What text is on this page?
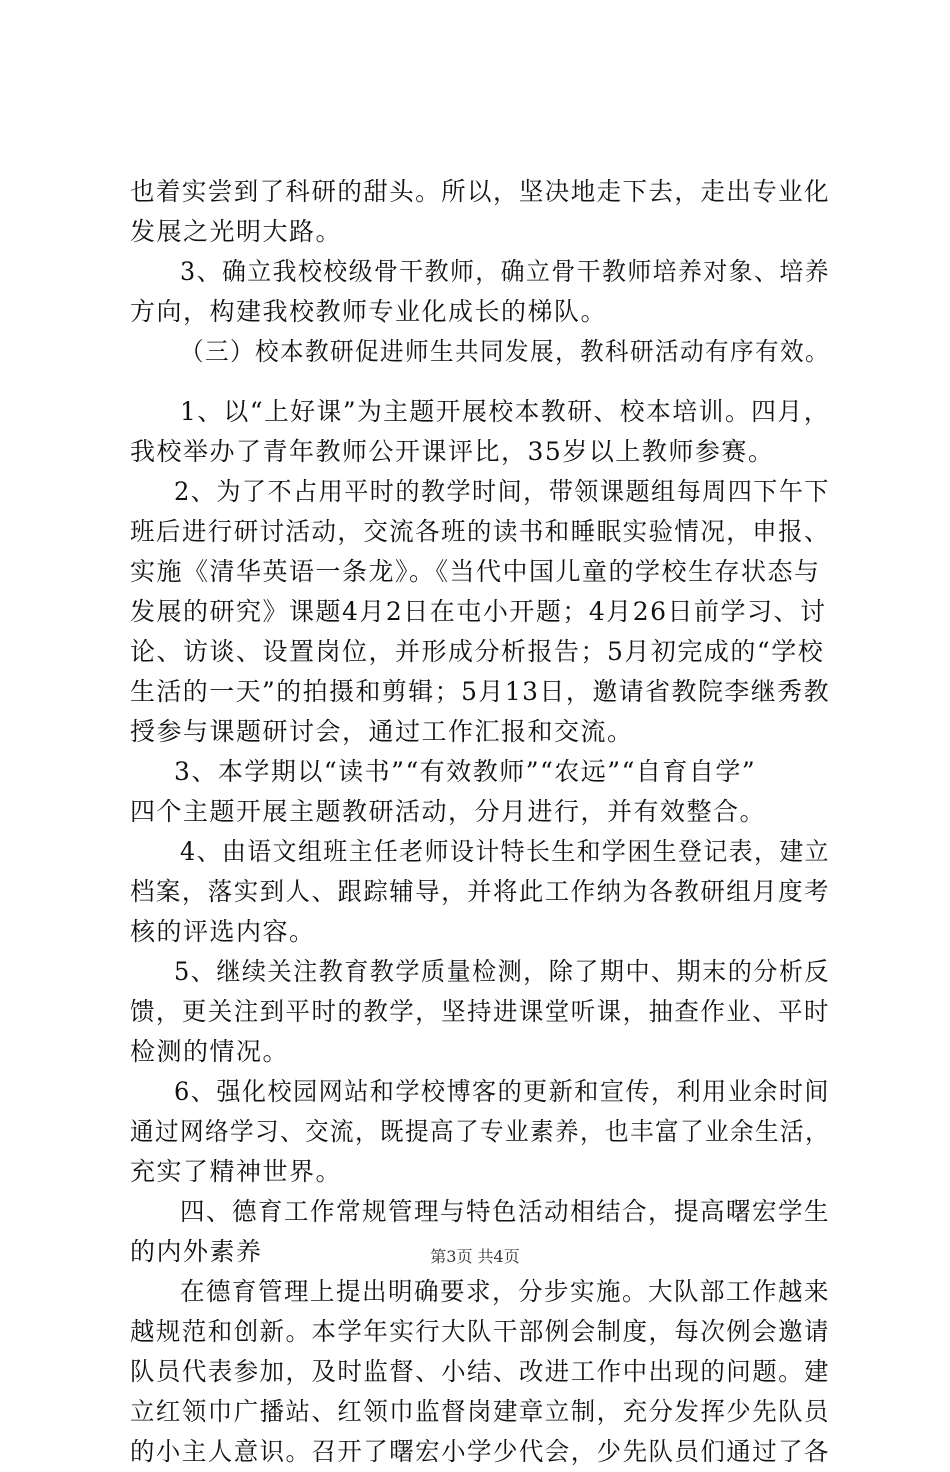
也着实尝到了科研的甜头。所以，坚决地走下去，走出专业化
发展之光明大路。
3、确立我校校级骨干教师，确立骨干教师培养对象、培养
方向，构建我校教师专业化成长的梯队。
（三）校本教研促进师生共同发展，教科研活动有序有效。
1、以“上好课”为主题开展校本教研、校本培训。四月，
我校举办了青年教师公开课评比，35岁以上教师参赛。
2、为了不占用平时的教学时间，带领课题组每周四下午下
班后进行研讨活动，交流各班的读书和睡眠实验情况，申报、
实施《清华英语一条龙》。《当代中国儿童的学校生存状态与
发展的研究》课题4月2日在屯小开题；4月26日前学习、讨
论、访谈、设置岗位，并形成分析报告；5月初完成的“学校
生活的一天”的拍摄和剪辑；5月13日，邀请省教院李继秀教
授参与课题研讨会，通过工作汇报和交流。
3、本学期以“读书”“有效教师”“农远”“自育自学”
四个主题开展主题教研活动，分月进行，并有效整合。
4、由语文组班主任老师设计特长生和学困生登记表，建立
档案，落实到人、跟踪辅导，并将此工作纳为各教研组月度考
核的评选内容。
5、继续关注教育教学质量检测，除了期中、期末的分析反
馈，更关注到平时的教学，坚持进课堂听课，抽查作业、平时
检测的情况。
6、强化校园网站和学校博客的更新和宣传，利用业余时间
通过网络学习、交流，既提高了专业素养，也丰富了业余生活，
充实了精神世界。
四、德育工作常规管理与特色活动相结合，提高曙宏学生
的内外素养
在德育管理上提出明确要求，分步实施。大队部工作越来
越规范和创新。本学年实行大队干部例会制度，每次例会邀请
队员代表参加，及时监督、小结、改进工作中出现的问题。建
立红领巾广播站、红领巾监督岗建章立制，充分发挥少先队员
的小主人意识。召开了曙宏小学少代会，少先队员们通过了各
第3页 共4页
